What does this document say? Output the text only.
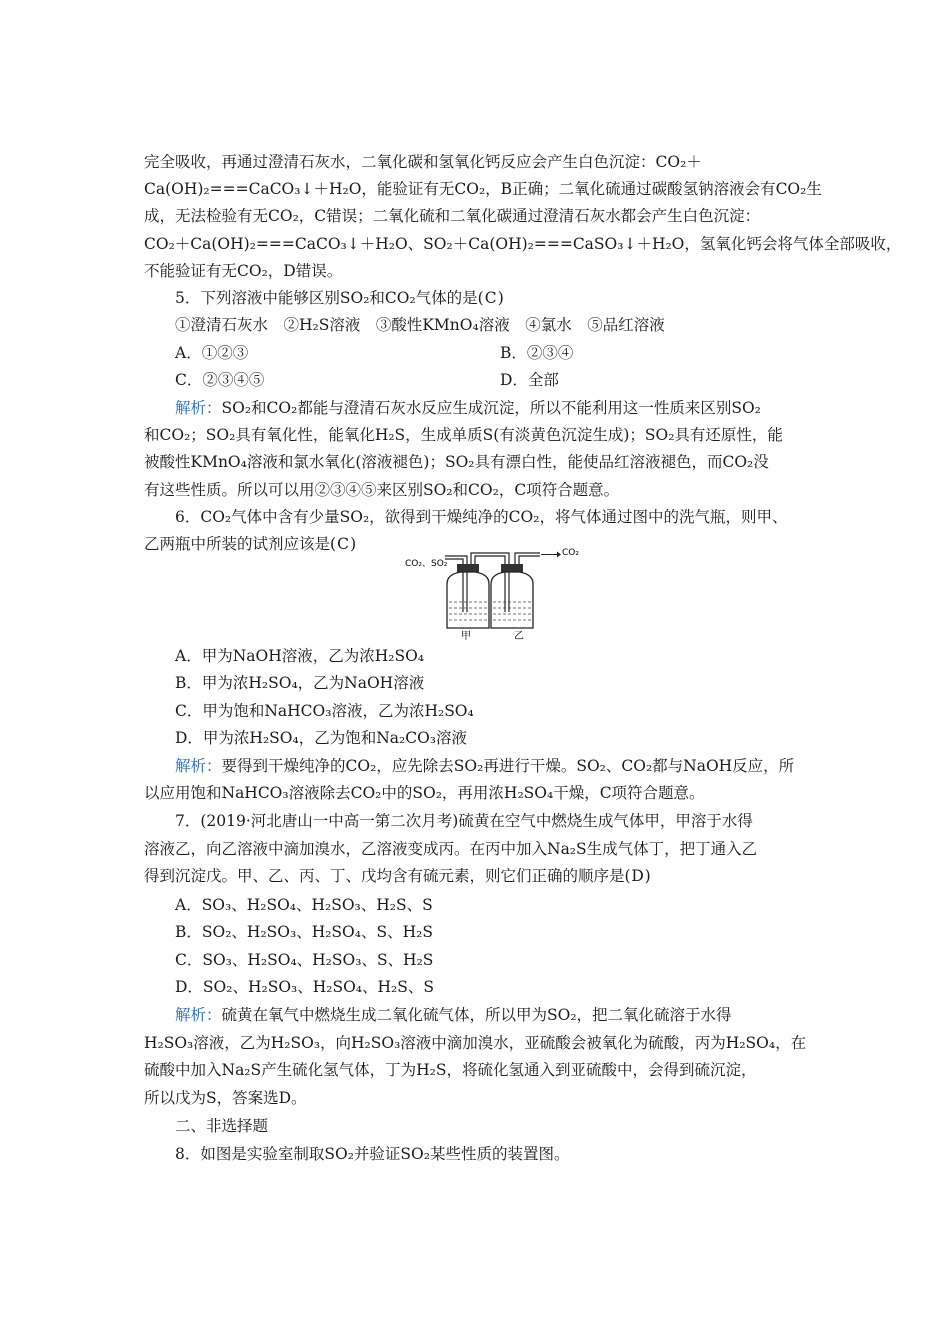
完全吸收，再通过澄清石灰水，二氧化碳和氢氧化钙反应会产生白色沉淀：CO₂＋
Ca(OH)₂===CaCO₃↓＋H₂O，能验证有无CO₂，B正确；二氧化硫通过碳酸氢钠溶液会有CO₂生
成，无法检验有无CO₂，C错误；二氧化硫和二氧化碳通过澄清石灰水都会产生白色沉淀：
CO₂＋Ca(OH)₂===CaCO₃↓＋H₂O、SO₂＋Ca(OH)₂===CaSO₃↓＋H₂O，氢氧化钙会将气体全部吸收，
不能验证有无CO₂，D错误。
5．下列溶液中能够区别SO₂和CO₂气体的是(C)
①澄清石灰水　②H₂S溶液　③酸性KMnO₄溶液　④氯水　⑤品红溶液
A．①②③	B．②③④
C．②③④⑤	D．全部
解析：SO₂和CO₂都能与澄清石灰水反应生成沉淀，所以不能利用这一性质来区别SO₂
和CO₂；SO₂具有氧化性，能氧化H₂S，生成单质S(有淡黄色沉淀生成)；SO₂具有还原性，能
被酸性KMnO₄溶液和氯水氧化(溶液褪色)；SO₂具有漂白性，能使品红溶液褪色，而CO₂没
有这些性质。所以可以用②③④⑤来区别SO₂和CO₂，C项符合题意。
6．CO₂气体中含有少量SO₂，欲得到干燥纯净的CO₂，将气体通过图中的洗气瓶，则甲、
乙两瓶中所装的试剂应该是(C)
CO₂、SO₂
CO₂
甲	乙
A．甲为NaOH溶液，乙为浓H₂SO₄
B．甲为浓H₂SO₄，乙为NaOH溶液
C．甲为饱和NaHCO₃溶液，乙为浓H₂SO₄
D．甲为浓H₂SO₄，乙为饱和Na₂CO₃溶液
解析：要得到干燥纯净的CO₂，应先除去SO₂再进行干燥。SO₂、CO₂都与NaOH反应，所
以应用饱和NaHCO₃溶液除去CO₂中的SO₂，再用浓H₂SO₄干燥，C项符合题意。
7．(2019·河北唐山一中高一第二次月考)硫黄在空气中燃烧生成气体甲，甲溶于水得
溶液乙，向乙溶液中滴加溴水，乙溶液变成丙。在丙中加入Na₂S生成气体丁，把丁通入乙
得到沉淀戊。甲、乙、丙、丁、戊均含有硫元素，则它们正确的顺序是(D)
A．SO₃、H₂SO₄、H₂SO₃、H₂S、S
B．SO₂、H₂SO₃、H₂SO₄、S、H₂S
C．SO₃、H₂SO₄、H₂SO₃、S、H₂S
D．SO₂、H₂SO₃、H₂SO₄、H₂S、S
解析：硫黄在氧气中燃烧生成二氧化硫气体，所以甲为SO₂，把二氧化硫溶于水得
H₂SO₃溶液，乙为H₂SO₃，向H₂SO₃溶液中滴加溴水，亚硫酸会被氧化为硫酸，丙为H₂SO₄，在
硫酸中加入Na₂S产生硫化氢气体，丁为H₂S，将硫化氢通入到亚硫酸中，会得到硫沉淀，
所以戊为S，答案选D。
二、非选择题
8．如图是实验室制取SO₂并验证SO₂某些性质的装置图。
